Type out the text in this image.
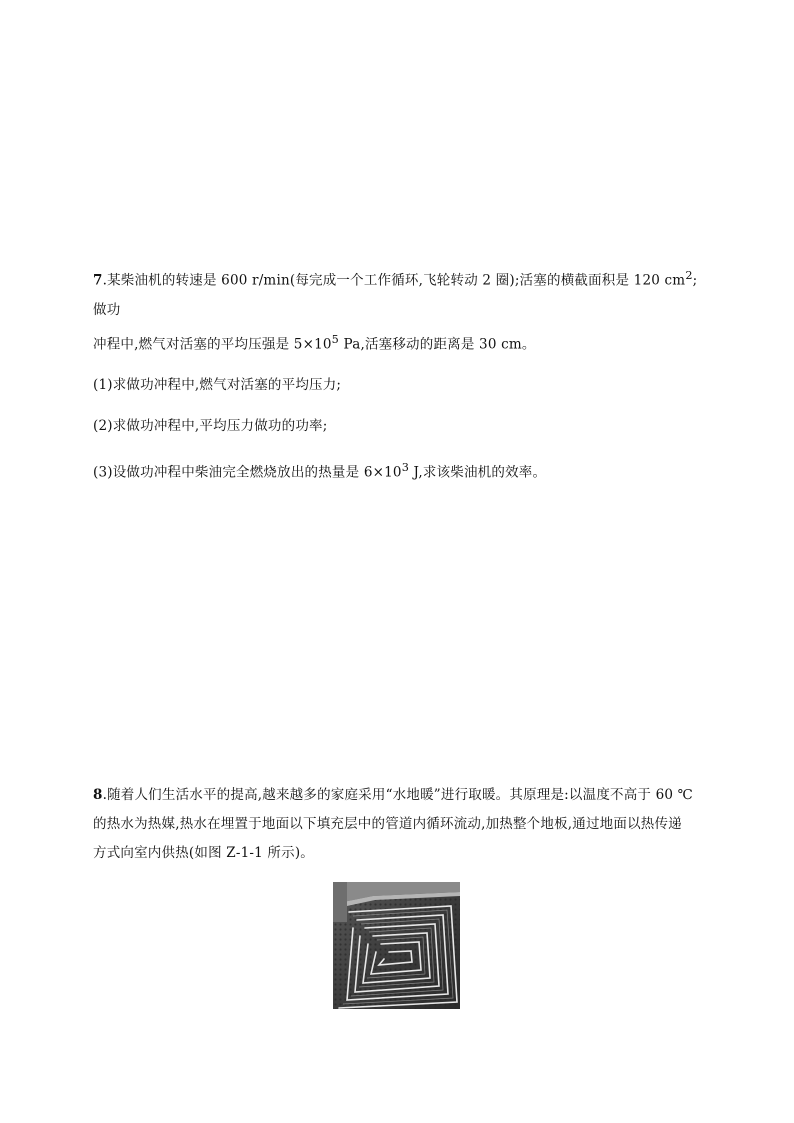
7.某柴油机的转速是 600 r/min(每完成一个工作循环,飞轮转动 2 圈);活塞的横截面积是 120 $cm^2$;做功
冲程中,燃气对活塞的平均压强是 $5\times 10^5$ Pa,活塞移动的距离是 30 cm。

(1)求做功冲程中,燃气对活塞的平均压力;

(2)求做功冲程中,平均压力做功的功率;

(3)设做功冲程中柴油完全燃烧放出的热量是 $6\times 10^3$ J,求该柴油机的效率。

8.随着人们生活水平的提高,越来越多的家庭采用“水地暖”进行取暖。其原理是:以温度不高于 60 ℃
的热水为热媒,热水在埋置于地面以下填充层中的管道内循环流动,加热整个地板,通过地面以热传递
方式向室内供热(如图 Z-1-1 所示)。
